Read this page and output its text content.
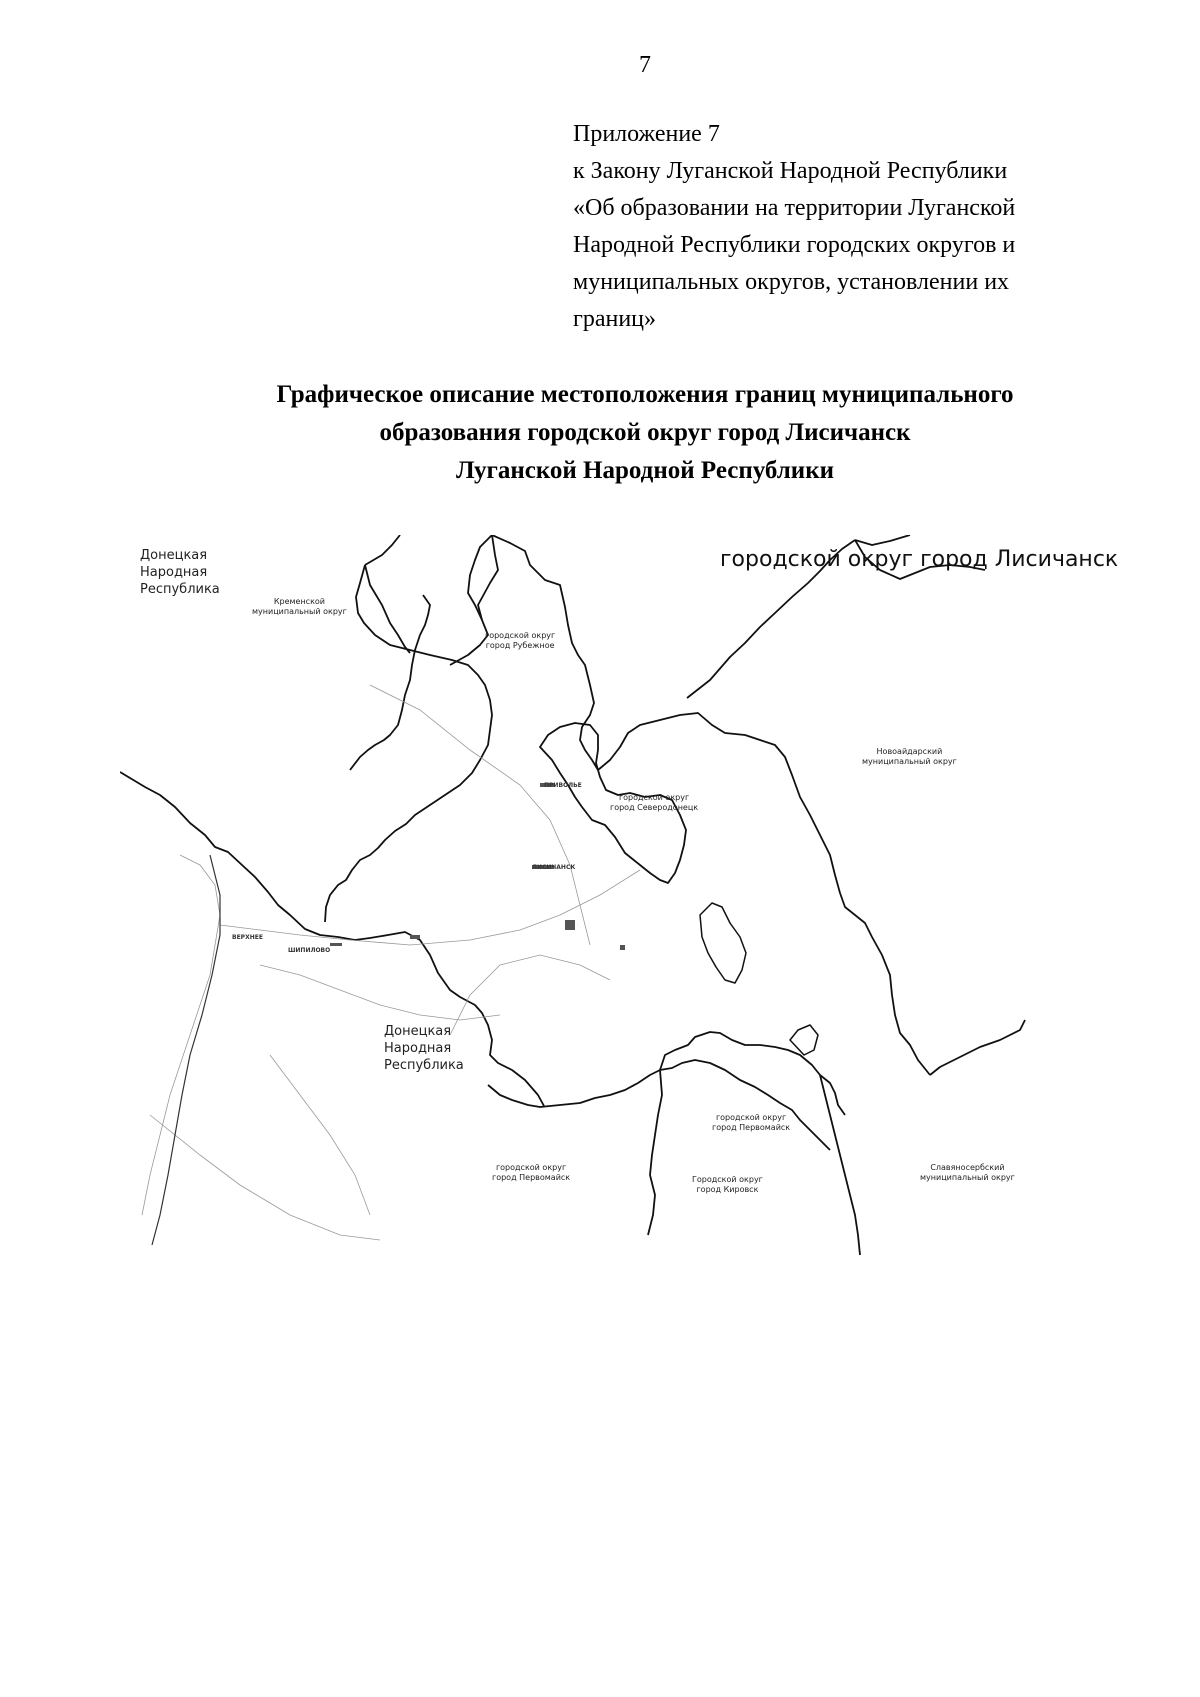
7
Приложение 7
к Закону Луганской Народной Республики
«Об образовании на территории Луганской
Народной Республики городских округов и
муниципальных округов, установлении их
границ»
Графическое описание местоположения границ муниципального
образования городской округ город Лисичанск
Луганской Народной Республики
городской округ город Лисичанск
Донецкая
Народная
Республика
Кременской
муниципальный округ
городской округ
город Рубежное
городской округ
город Северодонецк
Новоайдарский
муниципальный округ
Донецкая
Народная
Республика
городской округ
город Первомайск
городской округ
город Первомайск	Городской округ
город Кировск
Славяносербский
муниципальный округ
ПРИВОЛЬЕ
ЛИСИЧАНСК
ВЕРХНЕЕ
ШИПИЛОВО
